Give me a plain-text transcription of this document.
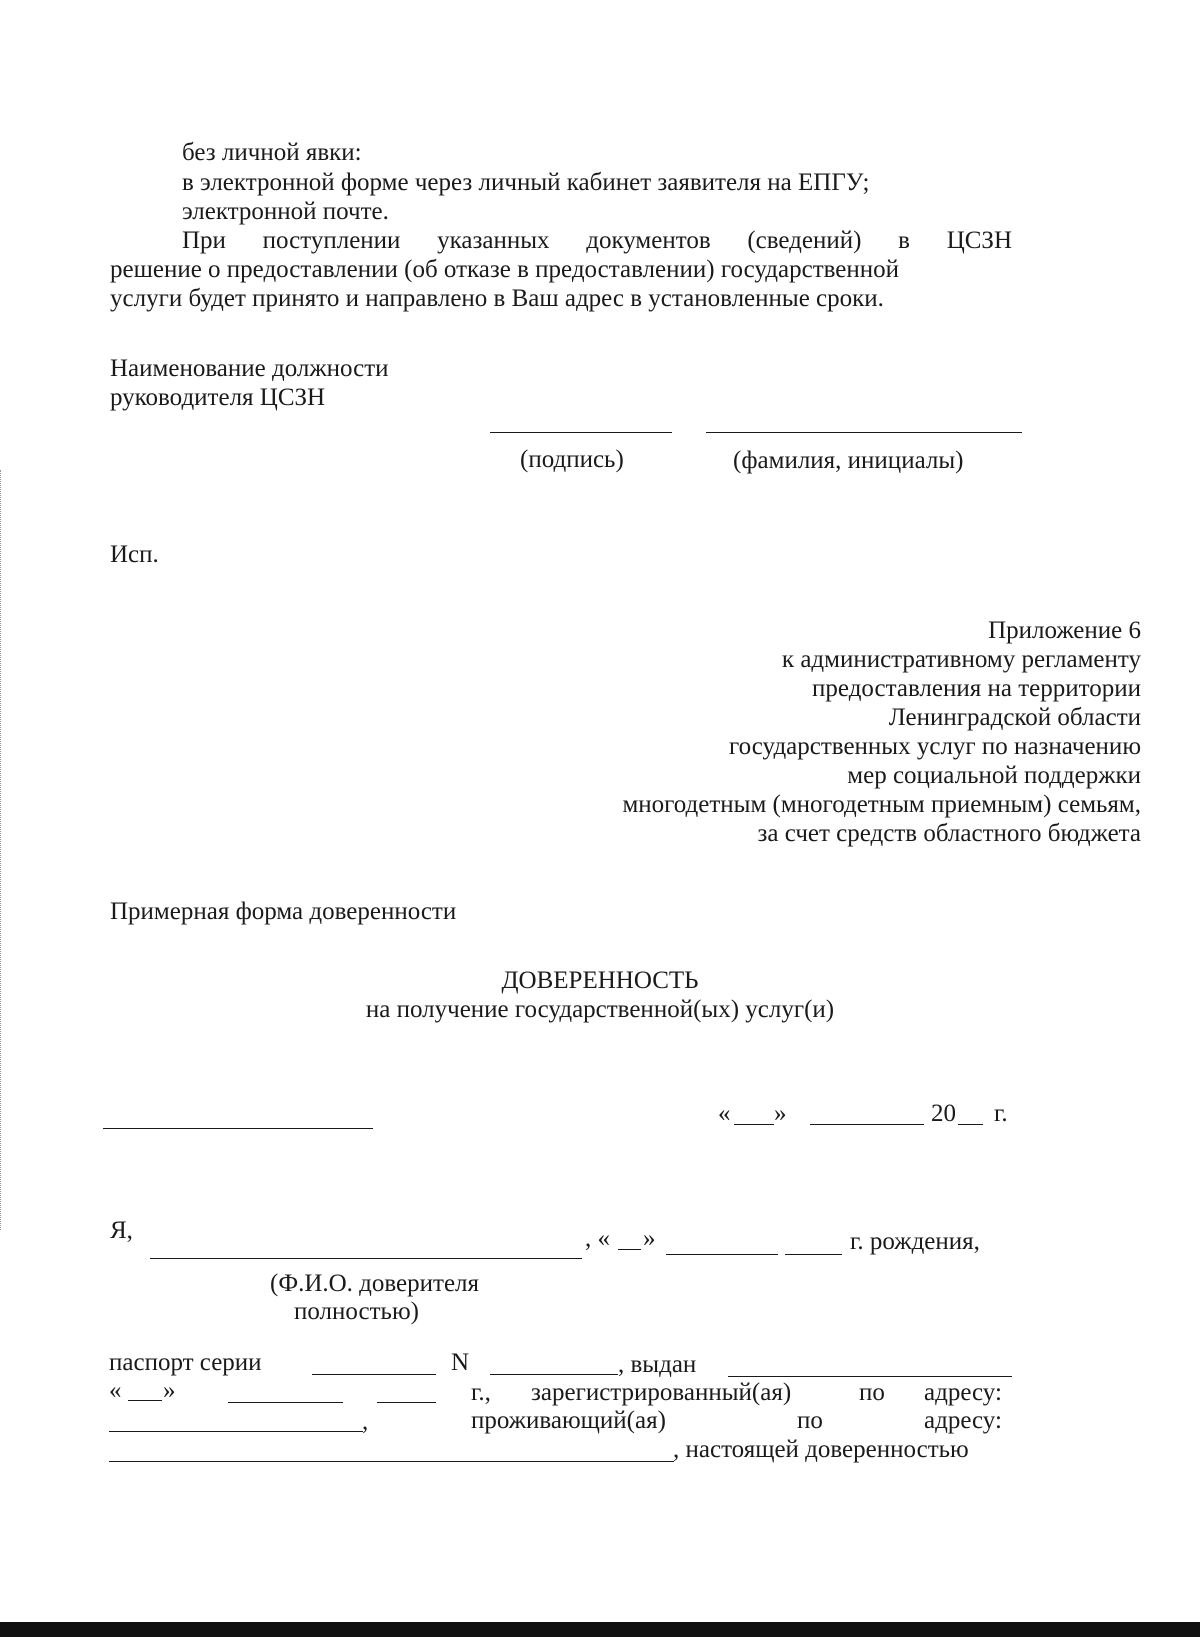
без личной явки:
в электронной форме через личный кабинет заявителя на ЕПГУ;
электронной почте.
При поступлении указанных документов (сведений) в ЦСЗН
решение о предоставлении (об отказе в предоставлении) государственной
услуги будет принято и направлено в Ваш адрес в установленные сроки.
Наименование должности
руководителя ЦСЗН
(подпись)	(фамилия, инициалы)
Исп.
Приложение 6
к административному регламенту
предоставления на территории
Ленинградской области
государственных услуг по назначению
мер социальной поддержки
многодетным (многодетным приемным) семьям,
за счет средств областного бюджета
Примерная форма доверенности
ДОВЕРЕННОСТЬ
на получение государственной(ых) услуг(и)
« »	20 г.
Я,	, « »	г. рождения,
(Ф.И.О. доверителя
полностью)
паспорт серии	N	, выдан
« »	г., зарегистрированный(ая)	по адресу:
,	проживающий(ая)	по	адресу:
, настоящей доверенностью
